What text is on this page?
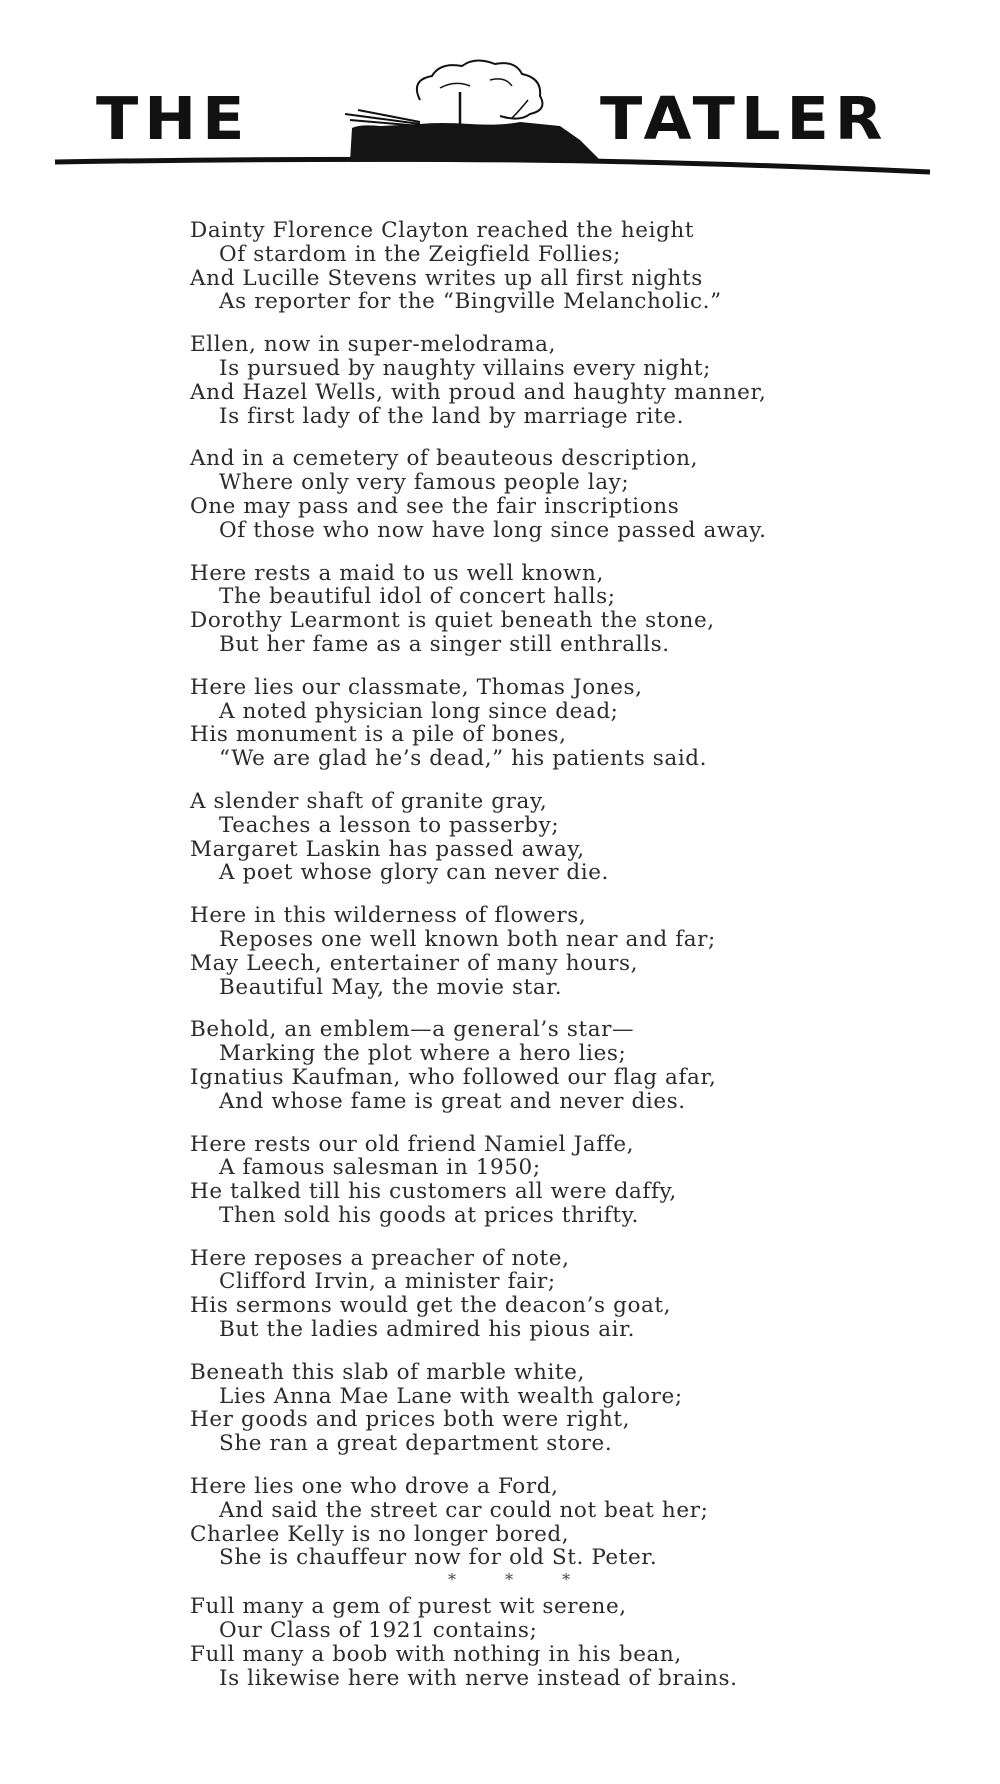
THE	TATLER
Dainty Florence Clayton reached the height
Of stardom in the Zeigfield Follies;
And Lucille Stevens writes up all first nights
As reporter for the “Bingville Melancholic.”
Ellen, now in super-melodrama,
Is pursued by naughty villains every night;
And Hazel Wells, with proud and haughty manner,
Is first lady of the land by marriage rite.
And in a cemetery of beauteous description,
Where only very famous people lay;
One may pass and see the fair inscriptions
Of those who now have long since passed away.
Here rests a maid to us well known,
The beautiful idol of concert halls;
Dorothy Learmont is quiet beneath the stone,
But her fame as a singer still enthralls.
Here lies our classmate, Thomas Jones,
A noted physician long since dead;
His monument is a pile of bones,
“We are glad he’s dead,” his patients said.
A slender shaft of granite gray,
Teaches a lesson to passerby;
Margaret Laskin has passed away,
A poet whose glory can never die.
Here in this wilderness of flowers,
Reposes one well known both near and far;
May Leech, entertainer of many hours,
Beautiful May, the movie star.
Behold, an emblem—a general’s star—
Marking the plot where a hero lies;
Ignatius Kaufman, who followed our flag afar,
And whose fame is great and never dies.
Here rests our old friend Namiel Jaffe,
A famous salesman in 1950;
He talked till his customers all were daffy,
Then sold his goods at prices thrifty.
Here reposes a preacher of note,
Clifford Irvin, a minister fair;
His sermons would get the deacon’s goat,
But the ladies admired his pious air.
Beneath this slab of marble white,
Lies Anna Mae Lane with wealth galore;
Her goods and prices both were right,
She ran a great department store.
Here lies one who drove a Ford,
And said the street car could not beat her;
Charlee Kelly is no longer bored,
She is chauffeur now for old St. Peter.
* * *
Full many a gem of purest wit serene,
Our Class of 1921 contains;
Full many a boob with nothing in his bean,
Is likewise here with nerve instead of brains.
